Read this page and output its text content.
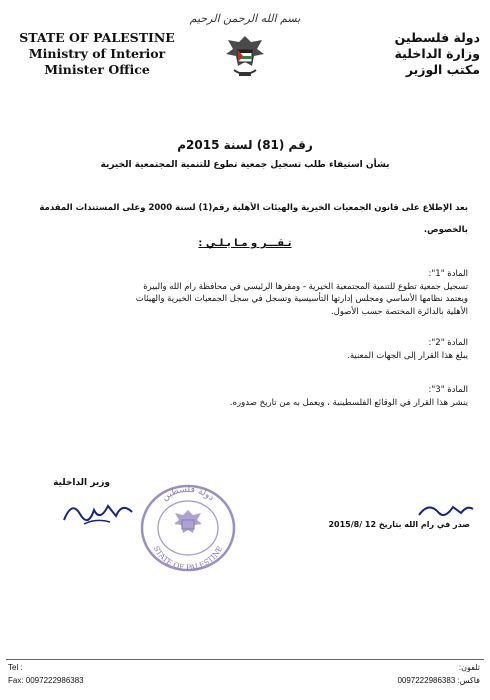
بسم الله الرحمن الرحيم
STATE OF PALESTINE
Ministry of Interior
Minister Office
دولة فلسطين
وزارة الداخلية
مكتب الوزير
رقم (81) لسنة 2015م
بشأن استيفاء طلب تسجيل جمعية تطوع للتنمية المجتمعية الخيرية
بعد الإطلاع على قانون الجمعيات الخيرية والهيئات الأهلية رقم(1) لسنة 2000 وعلى المستندات المقدمة بالخصوص.
تـقـــر و مـا يـلـي :
المادة "1":
تسجيل جمعية تطوع للتنمية المجتمعية الخيرية - ومقرها الرئيسي في محافظة رام الله والبيرة
ويعتمد نظامها الأساسي ومجلس إدارتها التأسيسية وتسجل في سجل الجمعيات الخيرية والهيئات
الأهلية بالدائرة المختصة حسب الأصول.
المادة "2":
يبلغ هذا القرار إلى الجهات المعنية.
المادة "3":
ينشر هذا القرار في الوقائع الفلسطينية ، ويعمل به من تاريخ صدوره.
وزير الداخلية
دولة فلسطين
STATE OF PALESTINE
صدر في رام الله بتاريخ 12 /2015/8
Tel :
Fax: 0097222986383
تلفون:
فاكس: 0097222986383
